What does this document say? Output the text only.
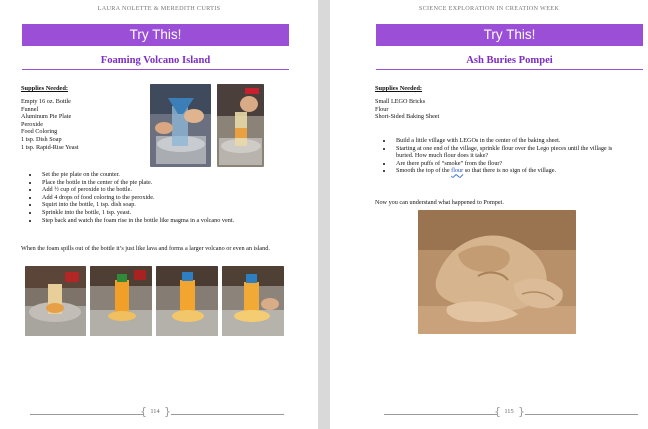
LAURA NOLETTE & MEREDITH CURTIS
Try This!
Foaming Volcano Island
Supplies Needed:
Empty 16 oz. Bottle
Funnel
Aluminum Pie Plate
Peroxide
Food Coloring
1 tsp. Dish Soap
1 tsp. Rapid-Rise Yeast
• Set the pie plate on the counter.
• Place the bottle in the center of the pie plate.
• Add ½ cup of peroxide to the bottle.
• Add 4 drops of food coloring to the peroxide.
• Squirt into the bottle, 1 tsp. dish soap.
• Sprinkle into the bottle, 1 tsp. yeast.
• Step back and watch the foam rise in the bottle like magma in a volcano vent.
When the foam spills out of the bottle it’s just like lava and forms a larger volcano or even an island.
{ 114 }
SCIENCE EXPLORATION IN CREATION WEEK
Try This!
Ash Buries Pompei
Supplies Needed:
Small LEGO Bricks
Flour
Short-Sided Baking Sheet
• Build a little village with LEGOs in the center of the baking sheet.
• Starting at one end of the village, sprinkle flour over the Lego pieces until the village is buried. How much flour does it take?
• Are there puffs of “smoke” from the flour?
• Smooth the top of the flour so that there is no sign of the village.
Now you can understand what happened to Pompei.
{ 115 }
